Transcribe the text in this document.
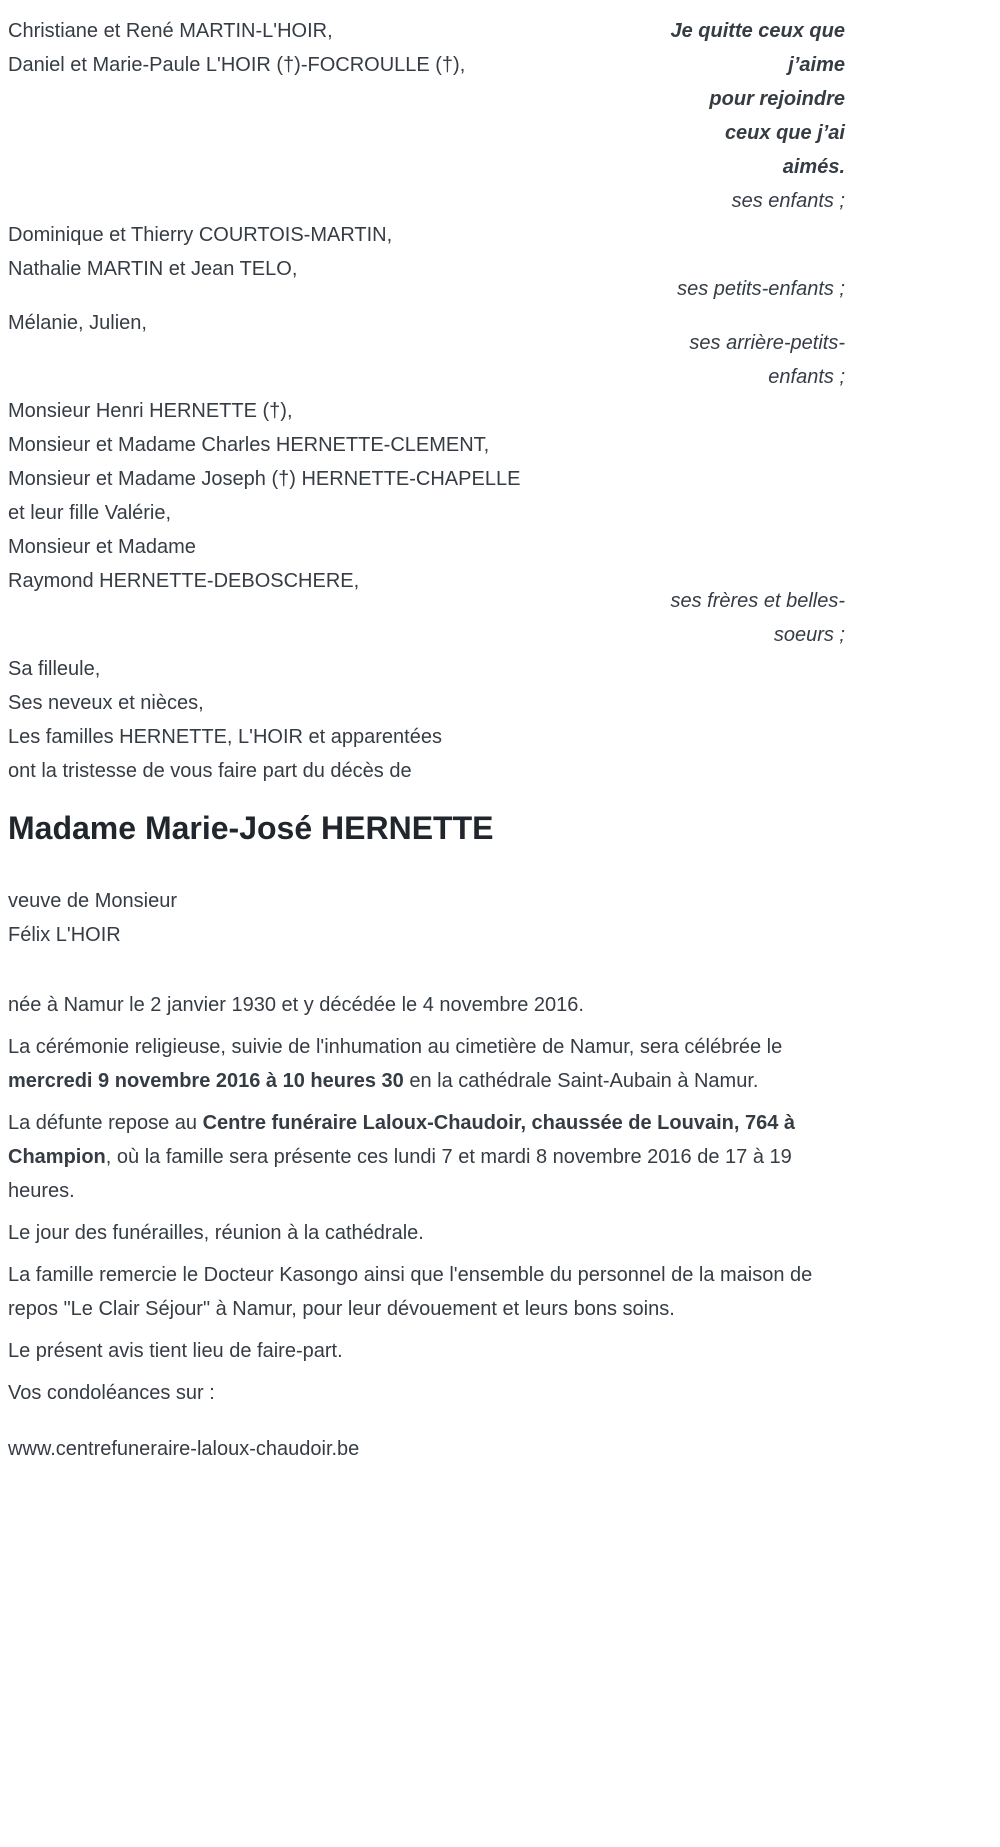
Christiane et René MARTIN-L'HOIR,
Daniel et Marie-Paule L'HOIR (†)-FOCROULLE (†),
Je quitte ceux que
j’aime
pour rejoindre
ceux que j’ai
aimés.
ses enfants ;
Dominique et Thierry COURTOIS-MARTIN,
Nathalie MARTIN et Jean TELO,
ses petits-enfants ;
Mélanie, Julien,
ses arrière-petits-
enfants ;
Monsieur Henri HERNETTE (†),
Monsieur et Madame Charles HERNETTE-CLEMENT,
Monsieur et Madame Joseph (†) HERNETTE-CHAPELLE
et leur fille Valérie,
Monsieur et Madame
Raymond HERNETTE-DEBOSCHERE,
ses frères et belles-
soeurs ;
Sa filleule,
Ses neveux et nièces,
Les familles HERNETTE, L'HOIR et apparentées

ont la tristesse de vous faire part du décès de

Madame Marie-José HERNETTE
veuve de Monsieur
Félix L'HOIR

née à Namur le 2 janvier 1930 et y décédée le 4 novembre 2016.

La cérémonie religieuse, suivie de l'inhumation au cimetière de Namur, sera célébrée le mercredi 9 novembre 2016 à 10 heures 30 en la cathédrale Saint-Aubain à Namur.

La défunte repose au Centre funéraire Laloux-Chaudoir, chaussée de Louvain, 764 à Champion, où la famille sera présente ces lundi 7 et mardi 8 novembre 2016 de 17 à 19 heures.

Le jour des funérailles, réunion à la cathédrale.

La famille remercie le Docteur Kasongo ainsi que l'ensemble du personnel de la maison de repos "Le Clair Séjour" à Namur, pour leur dévouement et leurs bons soins.

Le présent avis tient lieu de faire-part.

Vos condoléances sur :

www.centrefuneraire-laloux-chaudoir.be
